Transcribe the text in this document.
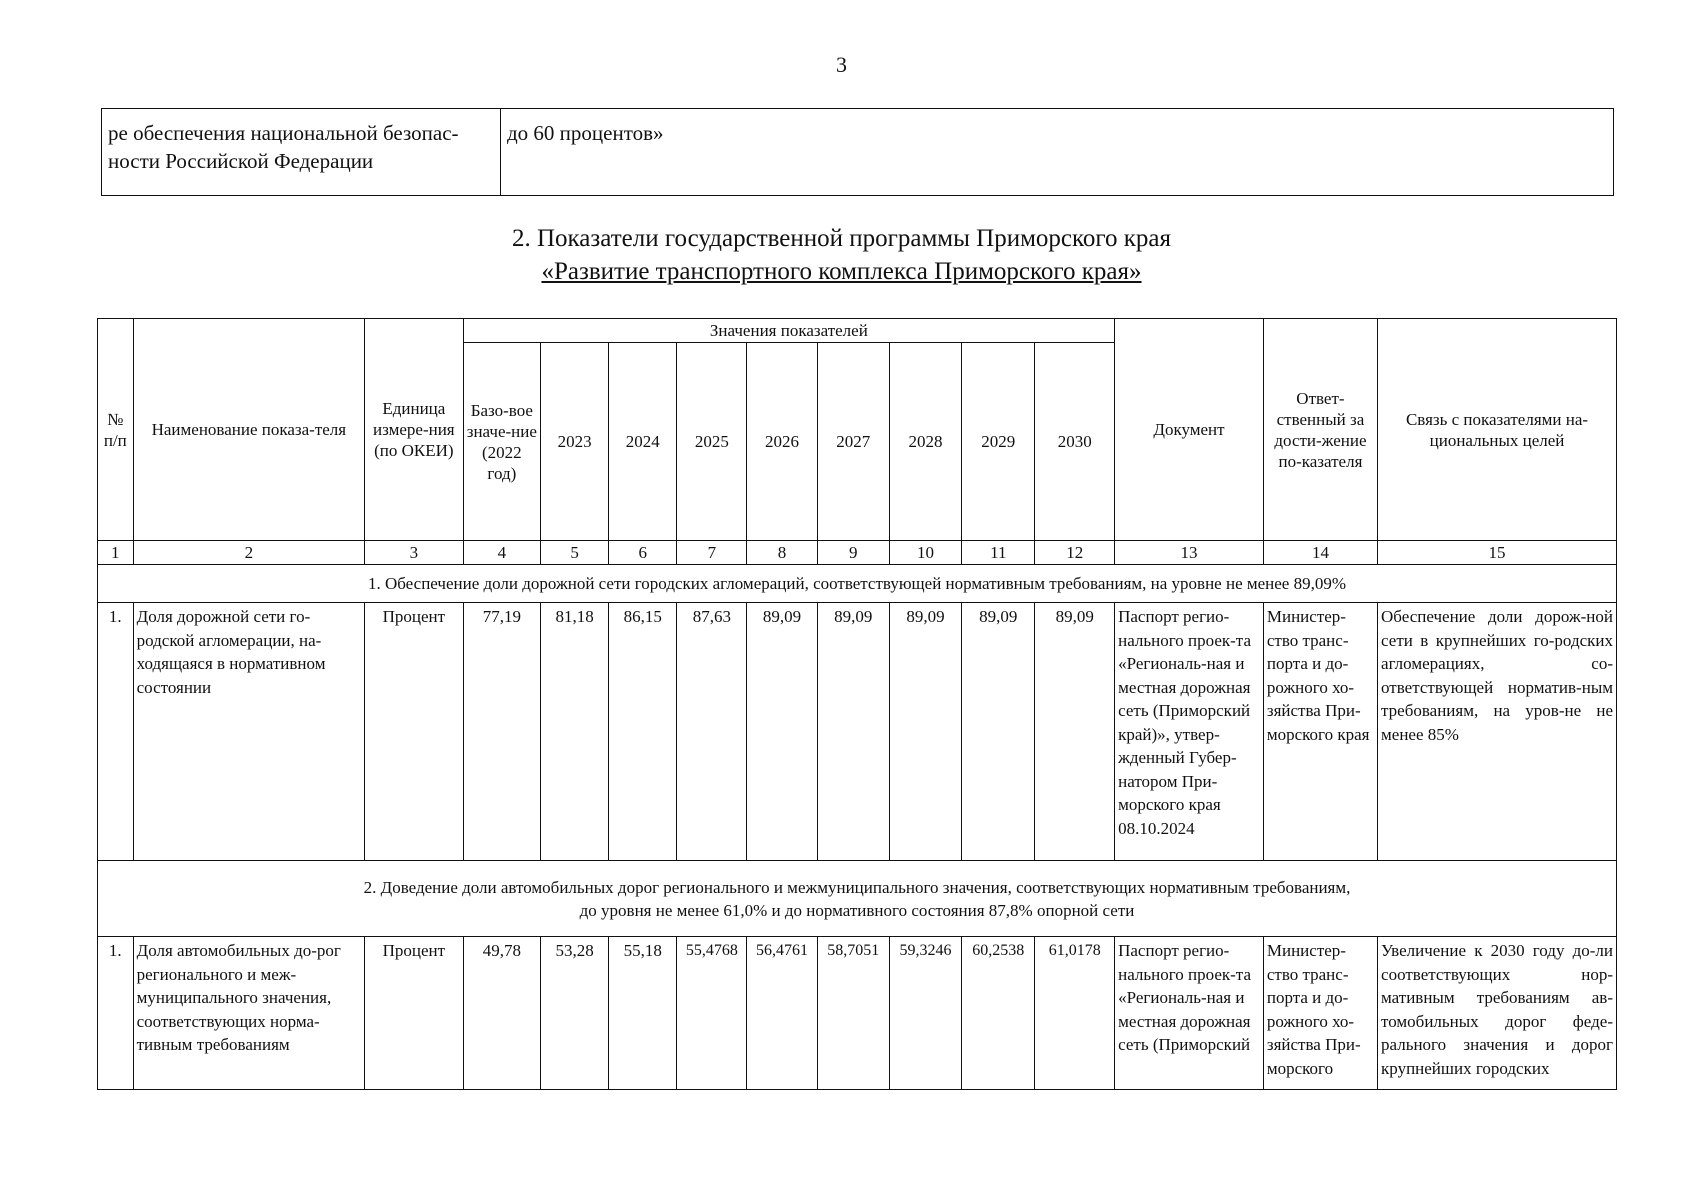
3
ре обеспечения национальной безопас-ности Российской Федерации	до 60 процентов»
2. Показатели государственной программы Приморского края
«Развитие транспортного комплекса Приморского края»
№ п/п	Наименование показа-теля	Единица измере-ния (по ОКЕИ)	Значения показателей									Документ	Ответ-ственный за дости-жение по-казателя	Связь с показателями на-циональных целей
			Базо-вое значе-ние (2022 год)	2023	2024	2025	2026	2027	2028	2029	2030			
1	2	3	4	5	6	7	8	9	10	11	12	13	14	15
1. Обеспечение доли дорожной сети городских агломераций, соответствующей нормативным требованиям, на уровне не менее 89,09%														
1.	Доля дорожной сети го-родской агломерации, на-ходящаяся в нормативном состоянии	Процент	77,19	81,18	86,15	87,63	89,09	89,09	89,09	89,09	89,09	Паспорт регио-нального проек-та «Региональ-ная и местная дорожная сеть (Приморский край)», утвер-жденный Губер-натором При-морского края 08.10.2024	Министер-ство транс-порта и до-рожного хо-зяйства При-морского края	Обеспечение доли дорож-ной сети в крупнейших го-родских агломерациях, со-ответствующей норматив-ным требованиям, на уров-не не менее 85%

2. Доведение доли автомобильных дорог регионального и межмуниципального значения, соответствующих нормативным требованиям,
до уровня не менее 61,0% и до нормативного состояния 87,8% опорной сети														

1.	Доля автомобильных до-рог регионального и меж-муниципального значения, соответствующих норма-тивным требованиям	Процент	49,78	53,28	55,18	55,4768	56,4761	58,7051	59,3246	60,2538	61,0178	Паспорт регио-нального проек-та «Региональ-ная и местная дорожная сеть (Приморский	Министер-ство транс-порта и до-рожного хо-зяйства При-морского	Увеличение к 2030 году до-ли соответствующих нор-мативным требованиям ав-томобильных дорог феде-рального значения и дорог крупнейших городских
